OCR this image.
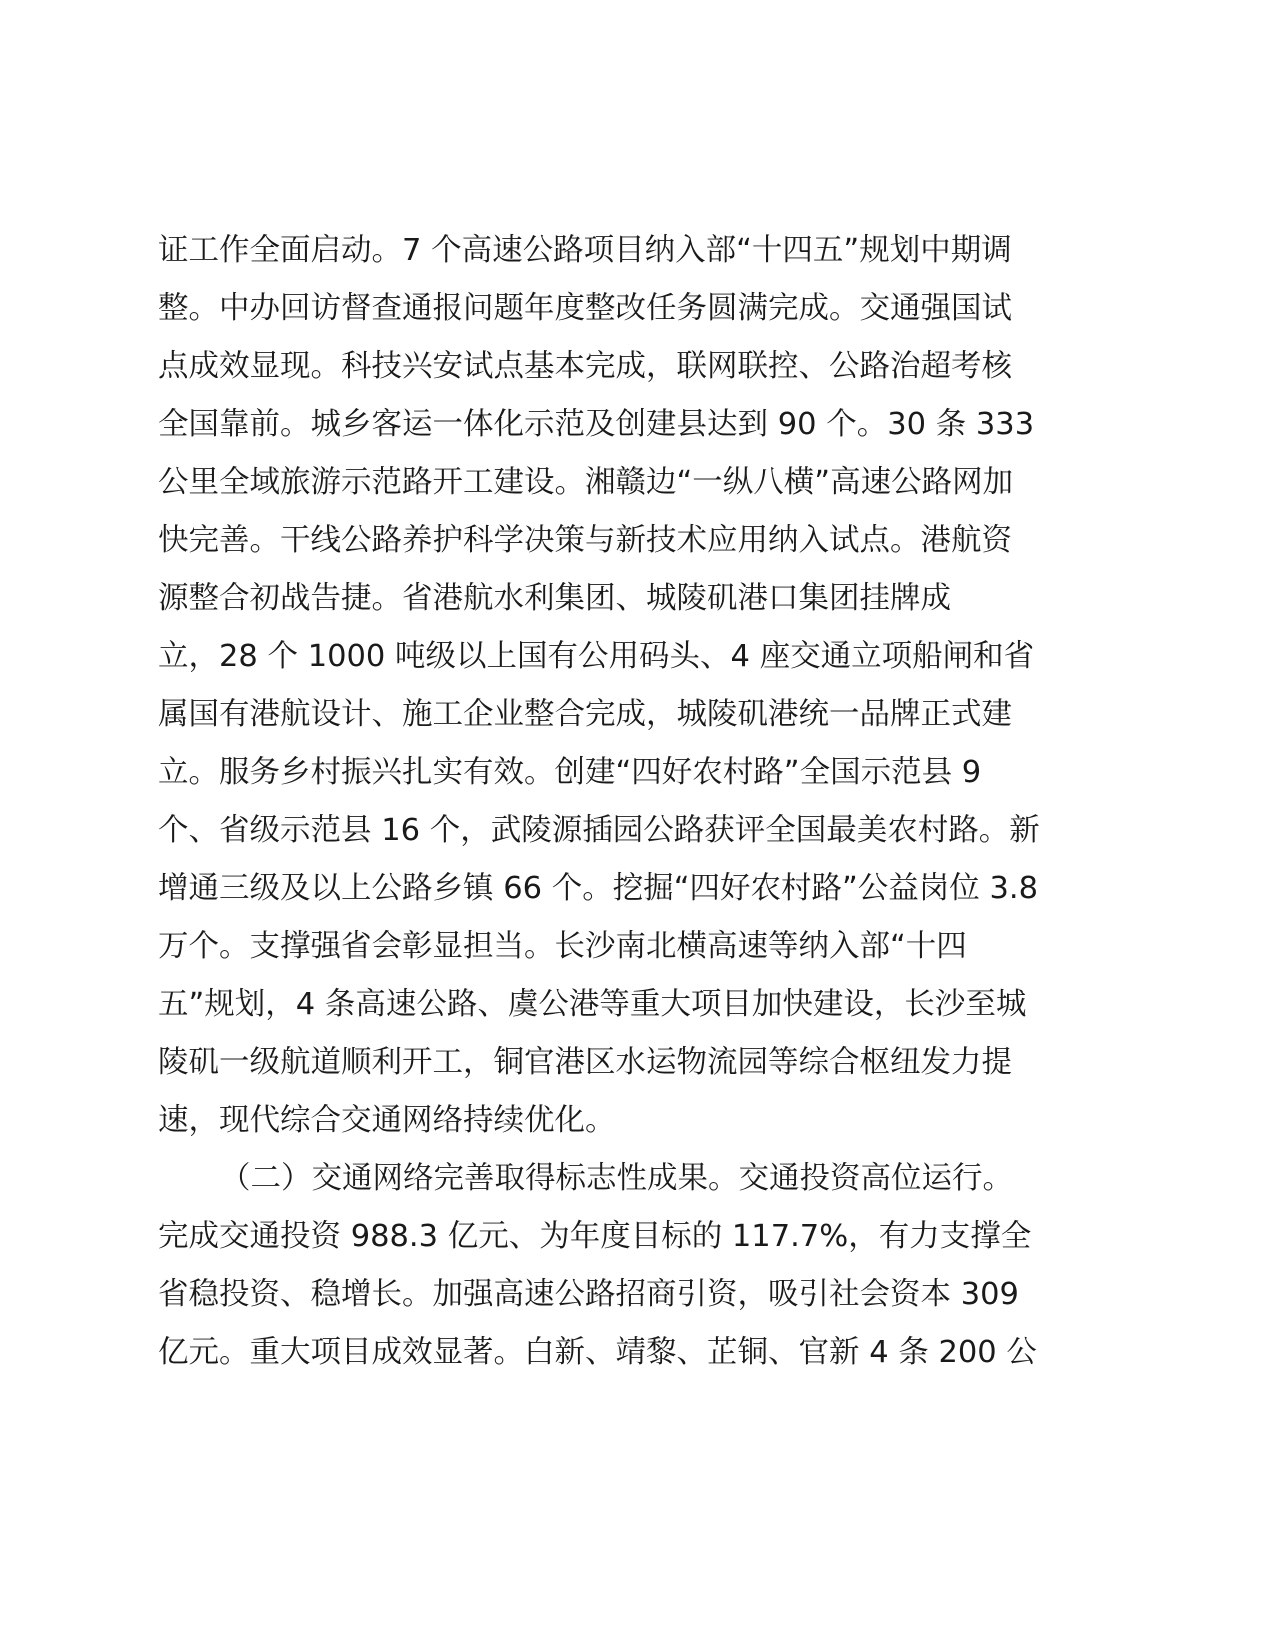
证工作全面启动。7 个高速公路项目纳入部“十四五”规划中期调
整。中办回访督查通报问题年度整改任务圆满完成。交通强国试
点成效显现。科技兴安试点基本完成，联网联控、公路治超考核
全国靠前。城乡客运一体化示范及创建县达到 90 个。30 条 333
公里全域旅游示范路开工建设。湘赣边“一纵八横”高速公路网加
快完善。干线公路养护科学决策与新技术应用纳入试点。港航资
源整合初战告捷。省港航水利集团、城陵矶港口集团挂牌成
立，28 个 1000 吨级以上国有公用码头、4 座交通立项船闸和省
属国有港航设计、施工企业整合完成，城陵矶港统一品牌正式建
立。服务乡村振兴扎实有效。创建“四好农村路”全国示范县 9
个、省级示范县 16 个，武陵源插园公路获评全国最美农村路。新
增通三级及以上公路乡镇 66 个。挖掘“四好农村路”公益岗位 3.8
万个。支撑强省会彰显担当。长沙南北横高速等纳入部“十四
五”规划，4 条高速公路、虞公港等重大项目加快建设，长沙至城
陵矶一级航道顺利开工，铜官港区水运物流园等综合枢纽发力提
速，现代综合交通网络持续优化。
（二）交通网络完善取得标志性成果。交通投资高位运行。
完成交通投资 988.3 亿元、为年度目标的 117.7%，有力支撑全
省稳投资、稳增长。加强高速公路招商引资，吸引社会资本 309
亿元。重大项目成效显著。白新、靖黎、芷铜、官新 4 条 200 公
